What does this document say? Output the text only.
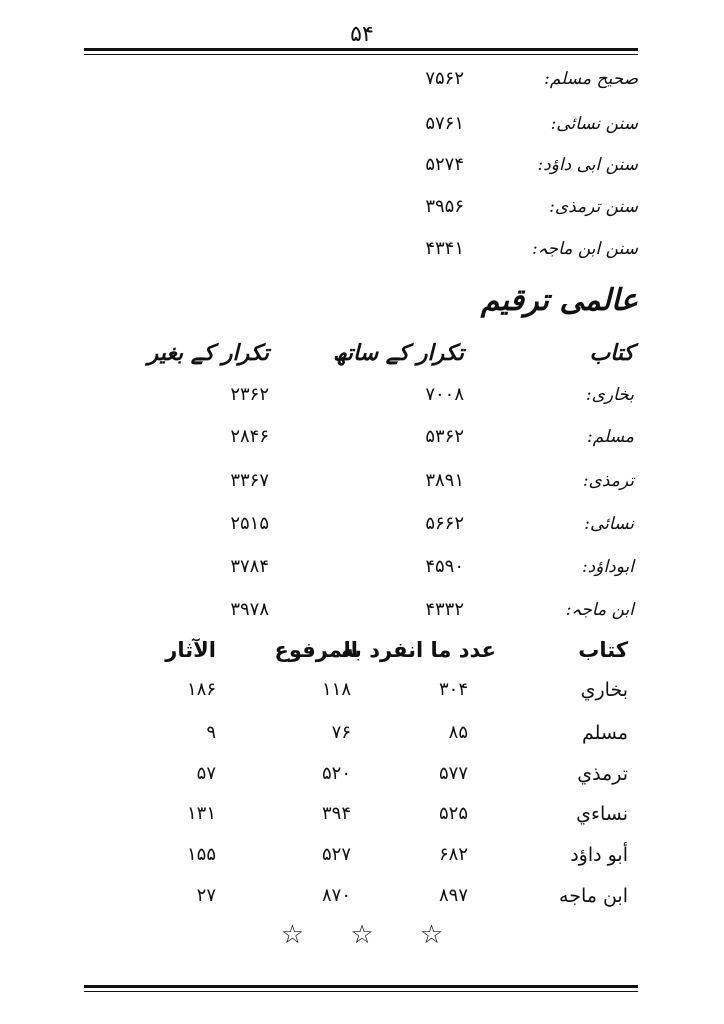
۵۴
صحیح مسلم:
۷۵۶۲
سنن نسائی:
۵۷۶۱
سنن ابی داؤد:
۵۲۷۴
سنن ترمذی:
۳۹۵۶
سنن ابن ماجہ:
۴۳۴۱
عالمی ترقیم
کتاب
تکرار کے ساتھ
تکرار کے بغیر
بخاری:
۷۰۰۸
۲۳۶۲
مسلم:
۵۳۶۲
۲۸۴۶
ترمذی:
۳۸۹۱
۳۳۶۷
نسائی:
۵۶۶۲
۲۵۱۵
ابوداؤد:
۴۵۹۰
۳۷۸۴
ابن ماجہ:
۴۳۳۲
۳۹۷۸
كتاب
عدد ما انفرد به
المرفوع
الآثار
بخاري
۳۰۴
۱۱۸
۱۸۶
مسلم
۸۵
۷۶
۹
ترمذي
۵۷۷
۵۲۰
۵۷
نساءي
۵۲۵
۳۹۴
۱۳۱
أبو داؤد
۶۸۲
۵۲۷
۱۵۵
ابن ماجه
۸۹۷
۸۷۰
۲۷
☆ ☆ ☆
